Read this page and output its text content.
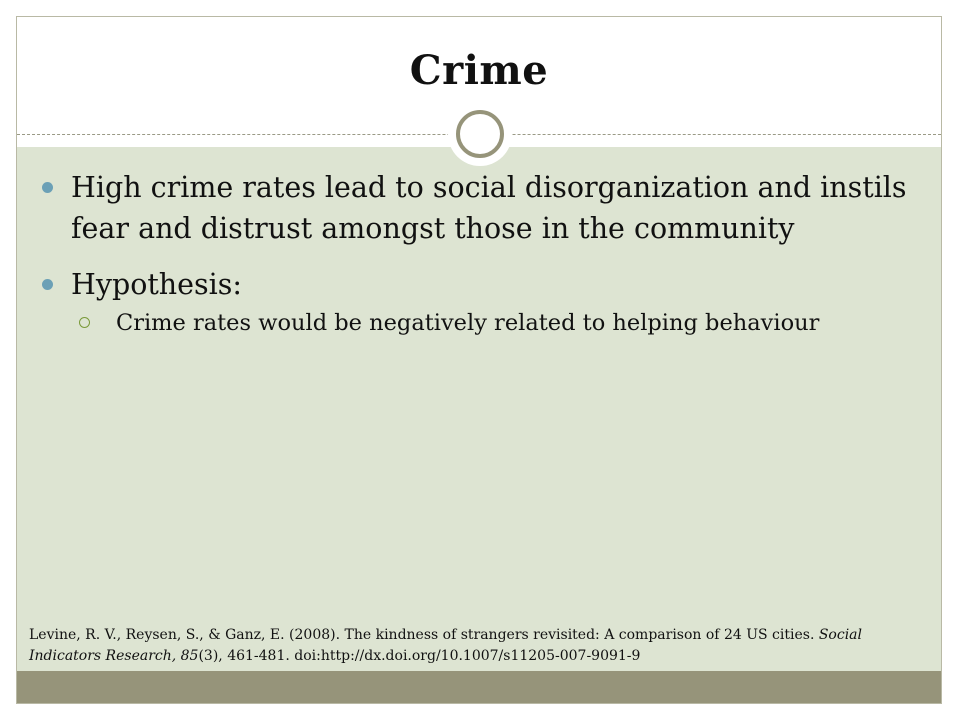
Crime
High crime rates lead to social disorganization and instils fear and distrust amongst those in the community
Hypothesis:
Crime rates would be negatively related to helping behaviour
Levine, R. V., Reysen, S., & Ganz, E. (2008). The kindness of strangers revisited: A comparison of 24 US cities. Social Indicators Research, 85(3), 461-481. doi:http://dx.doi.org/10.1007/s11205-007-9091-9
